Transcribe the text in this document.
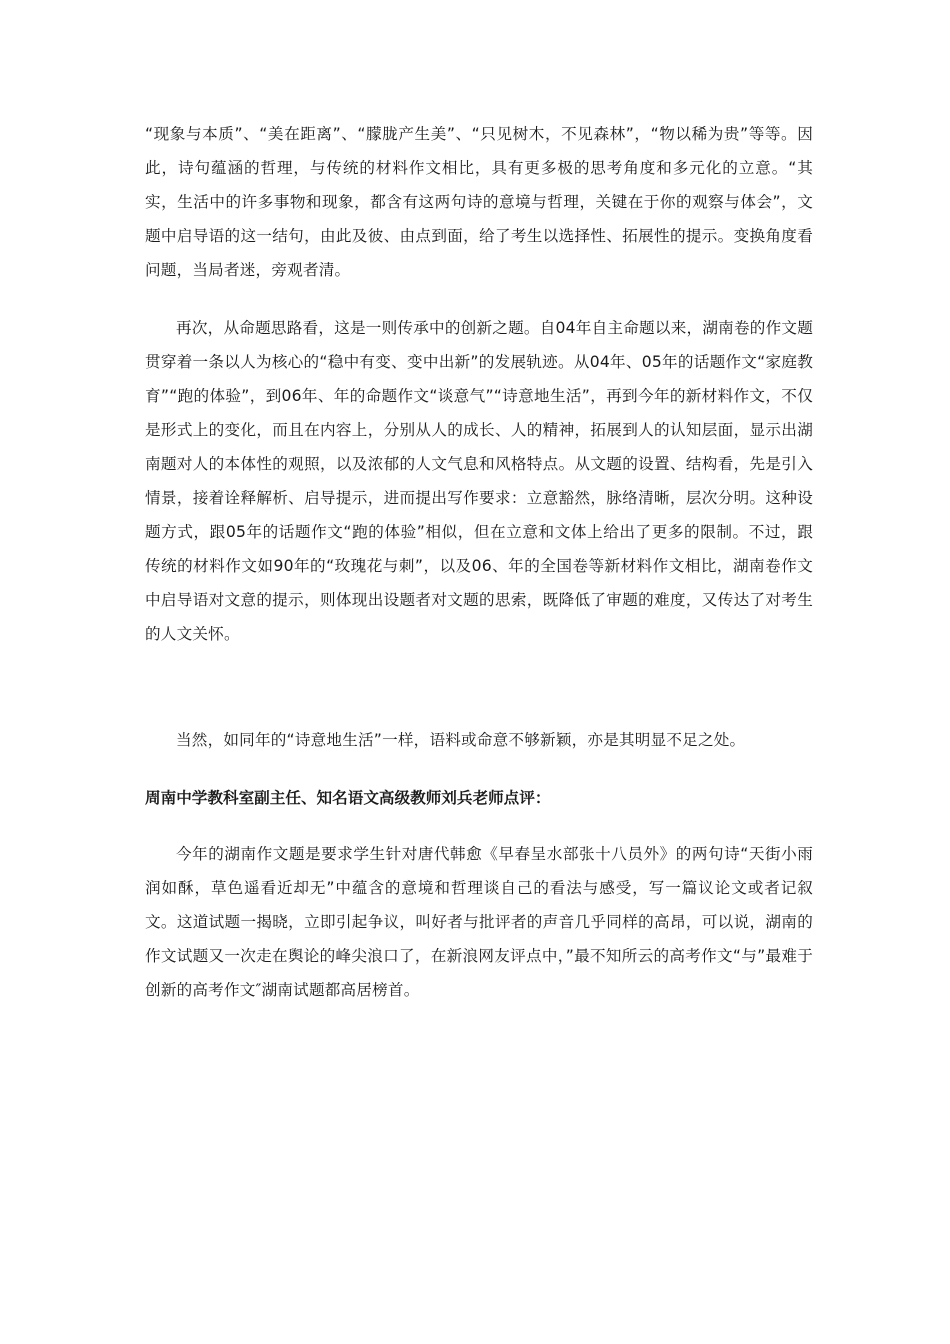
“现象与本质”、“美在距离”、“朦胧产生美”、“只见树木，不见森林”，“物以稀为贵”等等。因此，诗句蕴涵的哲理，与传统的材料作文相比，具有更多极的思考角度和多元化的立意。“其实，生活中的许多事物和现象，都含有这两句诗的意境与哲理，关键在于你的观察与体会”，文题中启导语的这一结句，由此及彼、由点到面，给了考生以选择性、拓展性的提示。变换角度看问题，当局者迷，旁观者清。

再次，从命题思路看，这是一则传承中的创新之题。自04年自主命题以来，湖南卷的作文题贯穿着一条以人为核心的“稳中有变、变中出新”的发展轨迹。从04年、05年的话题作文“家庭教育”“跑的体验”，到06年、年的命题作文“谈意气”“诗意地生活”，再到今年的新材料作文，不仅是形式上的变化，而且在内容上，分别从人的成长、人的精神，拓展到人的认知层面，显示出湖南题对人的本体性的观照，以及浓郁的人文气息和风格特点。从文题的设置、结构看，先是引入情景，接着诠释解析、启导提示，进而提出写作要求：立意豁然，脉络清晰，层次分明。这种设题方式，跟05年的话题作文“跑的体验”相似，但在立意和文体上给出了更多的限制。不过，跟传统的材料作文如90年的“玫瑰花与刺”，以及06、年的全国卷等新材料作文相比，湖南卷作文中启导语对文意的提示，则体现出设题者对文题的思索，既降低了审题的难度，又传达了对考生的人文关怀。

当然，如同年的“诗意地生活”一样，语料或命意不够新颖，亦是其明显不足之处。

周南中学教科室副主任、知名语文高级教师刘兵老师点评：

今年的湖南作文题是要求学生针对唐代韩愈《早春呈水部张十八员外》的两句诗“天街小雨润如酥，草色遥看近却无”中蕴含的意境和哲理谈自己的看法与感受，写一篇议论文或者记叙文。这道试题一揭晓，立即引起争议，叫好者与批评者的声音几乎同样的高昂，可以说，湖南的作文试题又一次走在舆论的峰尖浪口了，在新浪网友评点中，”最不知所云的高考作文“与”最难于创新的高考作文″湖南试题都高居榜首。
